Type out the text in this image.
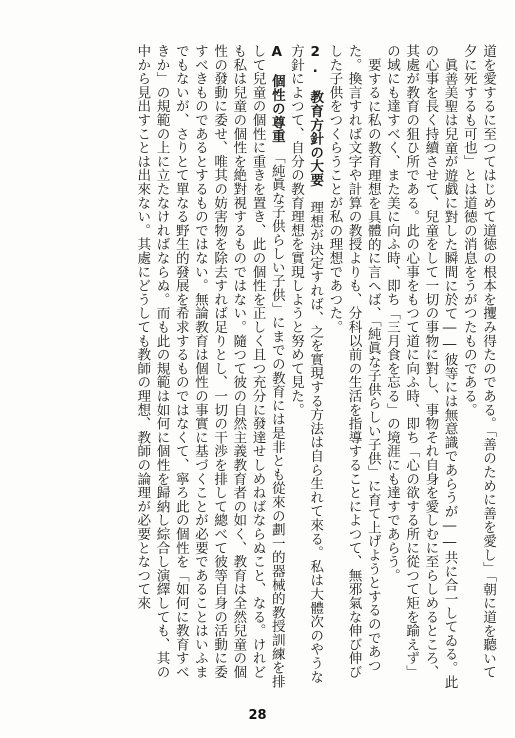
道を愛するに至つてはじめて道徳の根本を攫み得たのである。「善のために善を愛し」「朝に道を聽いて夕に死するも可也」とは道徳の消息をうがつたものである。

眞善美聖は兒童が遊戯に對した瞬間に於て――彼等には無意識であらうが――共に合一してゐる。此の心事を長く持續させて、兒童をして一切の事物に對し、事物それ自身を愛しむに至らしめるところ、其處が教育の狙ひ所である。此の心事をもつて道に向ふ時、即ち「心の欲する所に從つて矩を踰えず」の域にも達すべく、また美に向ふ時、即ち「三月食を忘る」の境涯にも達すであらう。

要するに私の教育理想を具體的に言へば、「純眞な子供らしい子供」に育て上げようとするのであつた。換言すれば文字や計算の教授よりも、分科以前の生活を指導することによつて、無邪氣な伸び伸びした子供をつくらうことが私の理想であつた。

2.　教育方針の大要　理想が決定すれば、之を實現する方法は自ら生れて來る。私は大體次のやうな方針によつて、自分の教育理想を實現しようと努めて見た。

A　個性の尊重　「純眞な子供らしい子供」にまでの教育には是非とも從來の劃一的器械的教授訓練を排して兒童の個性に重きを置き、此の個性を正しく且つ充分に發達せしめねばならぬこと、なる。けれども私は兒童の個性を絶對視するものではない。隨つて彼の自然主義教育者の如く、教育は全然兒童の個性の發動に委せ、唯其の妨害物を除去すれば足りとし、一切の干渉を排して總べて彼等自身の活動に委すべきものであるとするものではない。無論教育は個性の事實に基づくことが必要であることはいふまでもないが、さりとて單なる野生的發展を希求するものではなくて、寧ろ此の個性を「如何に教育すべきか」の規範の上に立たなければならぬ。而も此の規範は如何に個性を歸納し綜合し演繹しても、其の中から見出すことは出來ない。其處にどうしても教師の理想、教師の論理が必要となつて來

28
